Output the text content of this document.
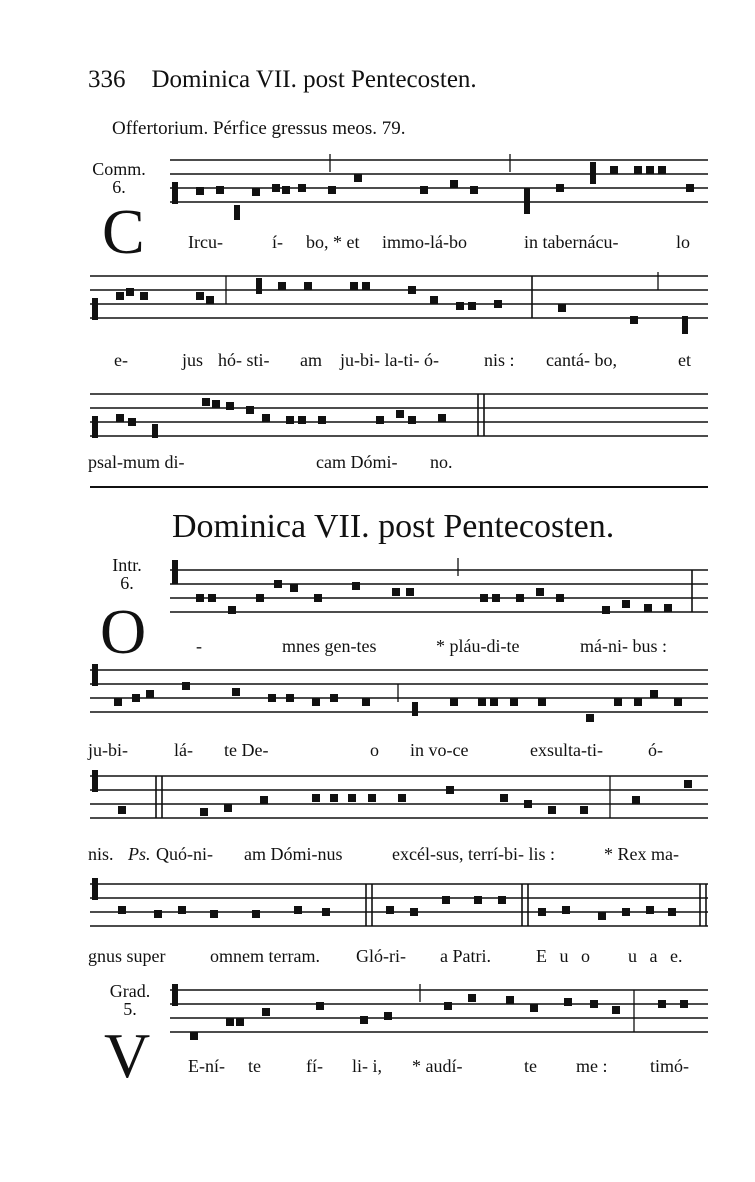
336 Dominica VII. post Pentecosten.
Offertorium. Pérfice gressus meos. 79.
Comm.
6.
C Ircu-	í- bo, * et immo-lá-bo	in tabernácu-	lo
e-	jus hó- sti- am ju-bi- la-ti- ó-	nis : cantá- bo,	et
psal-mum di-	cam Dómi- no.
Dominica VII. post Pentecosten.
Intr.
6.
O	-	mnes gen-tes	* pláu-di-te	má-ni- bus :
ju-bi-	lá- te De-	o in vo-ce	exsulta-ti-	ó-
nis. Ps. Quó-ni- am Dómi-nus	excél-sus, terrí-bi- lis :	* Rex ma-
gnus super omnem terram. Gló-ri- a Patri.	E u o u a e.
Grad.
5.
V E-ní- te	fí- li- i, * audí-	te me : timó-
